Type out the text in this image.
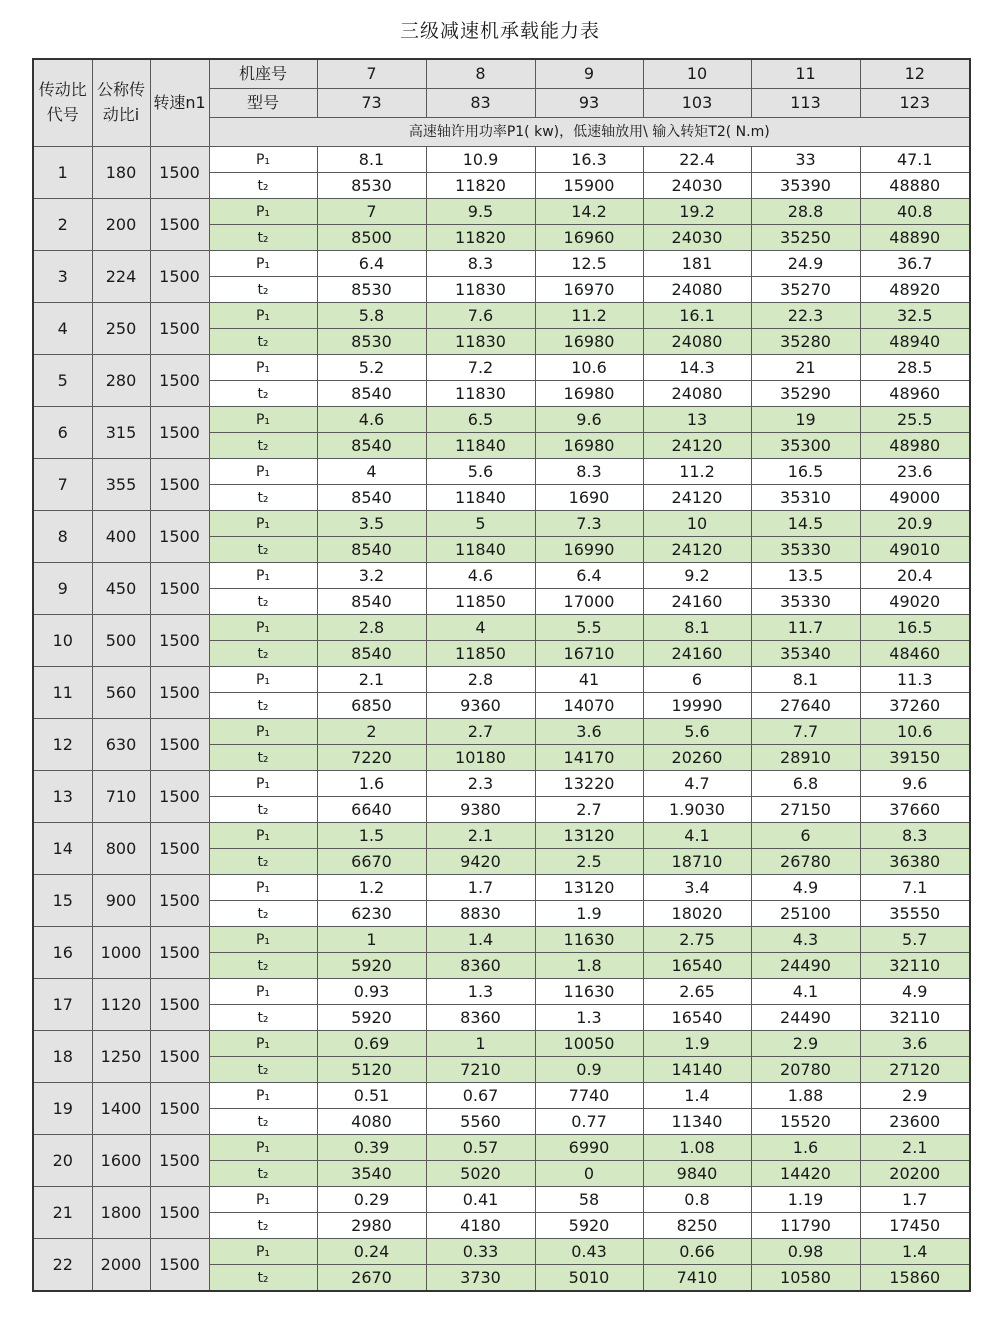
三级减速机承载能力表
传动比代号	公称传动比i	转速n1	机座号	7	8	9	10	11	12
			型号	73	83	93	103	113	123
			高速轴许用功率P1( kw)，低速轴放用\ 输入转矩T2( N.m)						
1	180	1500	P₁	8.1	10.9	16.3	22.4	33	47.1
			t₂	8530	11820	15900	24030	35390	48880
2	200	1500	P₁	7	9.5	14.2	19.2	28.8	40.8
			t₂	8500	11820	16960	24030	35250	48890
3	224	1500	P₁	6.4	8.3	12.5	181	24.9	36.7
			t₂	8530	11830	16970	24080	35270	48920
4	250	1500	P₁	5.8	7.6	11.2	16.1	22.3	32.5
			t₂	8530	11830	16980	24080	35280	48940
5	280	1500	P₁	5.2	7.2	10.6	14.3	21	28.5
			t₂	8540	11830	16980	24080	35290	48960
6	315	1500	P₁	4.6	6.5	9.6	13	19	25.5
			t₂	8540	11840	16980	24120	35300	48980
7	355	1500	P₁	4	5.6	8.3	11.2	16.5	23.6
			t₂	8540	11840	1690	24120	35310	49000
8	400	1500	P₁	3.5	5	7.3	10	14.5	20.9
			t₂	8540	11840	16990	24120	35330	49010
9	450	1500	P₁	3.2	4.6	6.4	9.2	13.5	20.4
			t₂	8540	11850	17000	24160	35330	49020
10	500	1500	P₁	2.8	4	5.5	8.1	11.7	16.5
			t₂	8540	11850	16710	24160	35340	48460
11	560	1500	P₁	2.1	2.8	41	6	8.1	11.3
			t₂	6850	9360	14070	19990	27640	37260
12	630	1500	P₁	2	2.7	3.6	5.6	7.7	10.6
			t₂	7220	10180	14170	20260	28910	39150
13	710	1500	P₁	1.6	2.3	13220	4.7	6.8	9.6
			t₂	6640	9380	2.7	1.9030	27150	37660
14	800	1500	P₁	1.5	2.1	13120	4.1	6	8.3
			t₂	6670	9420	2.5	18710	26780	36380
15	900	1500	P₁	1.2	1.7	13120	3.4	4.9	7.1
			t₂	6230	8830	1.9	18020	25100	35550
16	1000	1500	P₁	1	1.4	11630	2.75	4.3	5.7
			t₂	5920	8360	1.8	16540	24490	32110
17	1120	1500	P₁	0.93	1.3	11630	2.65	4.1	4.9
			t₂	5920	8360	1.3	16540	24490	32110
18	1250	1500	P₁	0.69	1	10050	1.9	2.9	3.6
			t₂	5120	7210	0.9	14140	20780	27120
19	1400	1500	P₁	0.51	0.67	7740	1.4	1.88	2.9
			t₂	4080	5560	0.77	11340	15520	23600
20	1600	1500	P₁	0.39	0.57	6990	1.08	1.6	2.1
			t₂	3540	5020	0	9840	14420	20200
21	1800	1500	P₁	0.29	0.41	58	0.8	1.19	1.7
			t₂	2980	4180	5920	8250	11790	17450
22	2000	1500	P₁	0.24	0.33	0.43	0.66	0.98	1.4
			t₂	2670	3730	5010	7410	10580	15860
